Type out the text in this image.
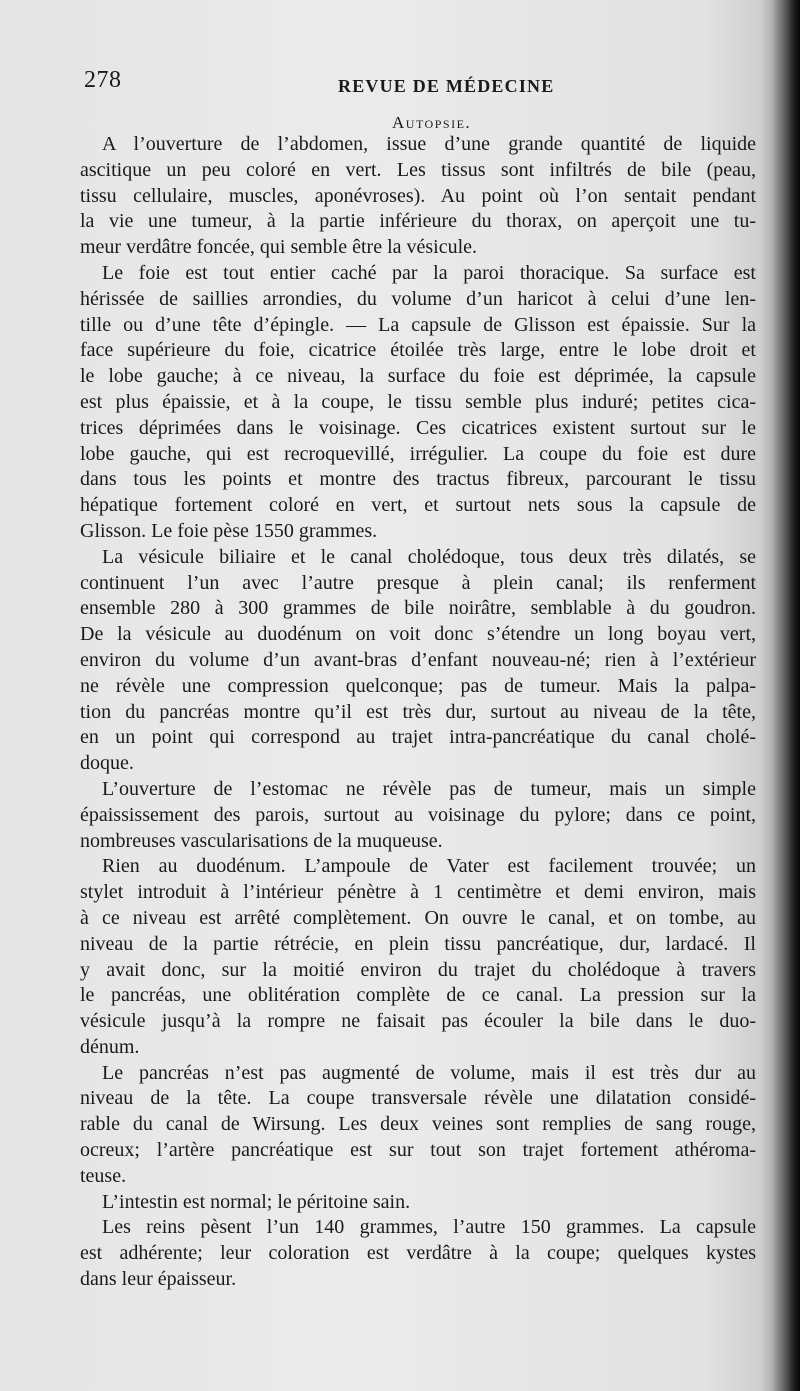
278	REVUE DE MÉDECINE
Autopsie.
A l’ouverture de l’abdomen, issue d’une grande quantité de liquide
ascitique un peu coloré en vert. Les tissus sont infiltrés de bile (peau,
tissu cellulaire, muscles, aponévroses). Au point où l’on sentait pendant
la vie une tumeur, à la partie inférieure du thorax, on aperçoit une tu-
meur verdâtre foncée, qui semble être la vésicule.
Le foie est tout entier caché par la paroi thoracique. Sa surface est
hérissée de saillies arrondies, du volume d’un haricot à celui d’une len-
tille ou d’une tête d’épingle. — La capsule de Glisson est épaissie. Sur la
face supérieure du foie, cicatrice étoilée très large, entre le lobe droit et
le lobe gauche; à ce niveau, la surface du foie est déprimée, la capsule
est plus épaissie, et à la coupe, le tissu semble plus induré; petites cica-
trices déprimées dans le voisinage. Ces cicatrices existent surtout sur le
lobe gauche, qui est recroquevillé, irrégulier. La coupe du foie est dure
dans tous les points et montre des tractus fibreux, parcourant le tissu
hépatique fortement coloré en vert, et surtout nets sous la capsule de
Glisson. Le foie pèse 1550 grammes.
La vésicule biliaire et le canal cholédoque, tous deux très dilatés, se
continuent l’un avec l’autre presque à plein canal; ils renferment
ensemble 280 à 300 grammes de bile noirâtre, semblable à du goudron.
De la vésicule au duodénum on voit donc s’étendre un long boyau vert,
environ du volume d’un avant-bras d’enfant nouveau-né; rien à l’extérieur
ne révèle une compression quelconque; pas de tumeur. Mais la palpa-
tion du pancréas montre qu’il est très dur, surtout au niveau de la tête,
en un point qui correspond au trajet intra-pancréatique du canal cholé-
doque.
L’ouverture de l’estomac ne révèle pas de tumeur, mais un simple
épaississement des parois, surtout au voisinage du pylore; dans ce point,
nombreuses vascularisations de la muqueuse.
Rien au duodénum. L’ampoule de Vater est facilement trouvée; un
stylet introduit à l’intérieur pénètre à 1 centimètre et demi environ, mais
à ce niveau est arrêté complètement. On ouvre le canal, et on tombe, au
niveau de la partie rétrécie, en plein tissu pancréatique, dur, lardacé. Il
y avait donc, sur la moitié environ du trajet du cholédoque à travers
le pancréas, une oblitération complète de ce canal. La pression sur la
vésicule jusqu’à la rompre ne faisait pas écouler la bile dans le duo-
dénum.
Le pancréas n’est pas augmenté de volume, mais il est très dur au
niveau de la tête. La coupe transversale révèle une dilatation considé-
rable du canal de Wirsung. Les deux veines sont remplies de sang rouge,
ocreux; l’artère pancréatique est sur tout son trajet fortement athéroma-
teuse.
L’intestin est normal; le péritoine sain.
Les reins pèsent l’un 140 grammes, l’autre 150 grammes. La capsule
est adhérente; leur coloration est verdâtre à la coupe; quelques kystes
dans leur épaisseur.
